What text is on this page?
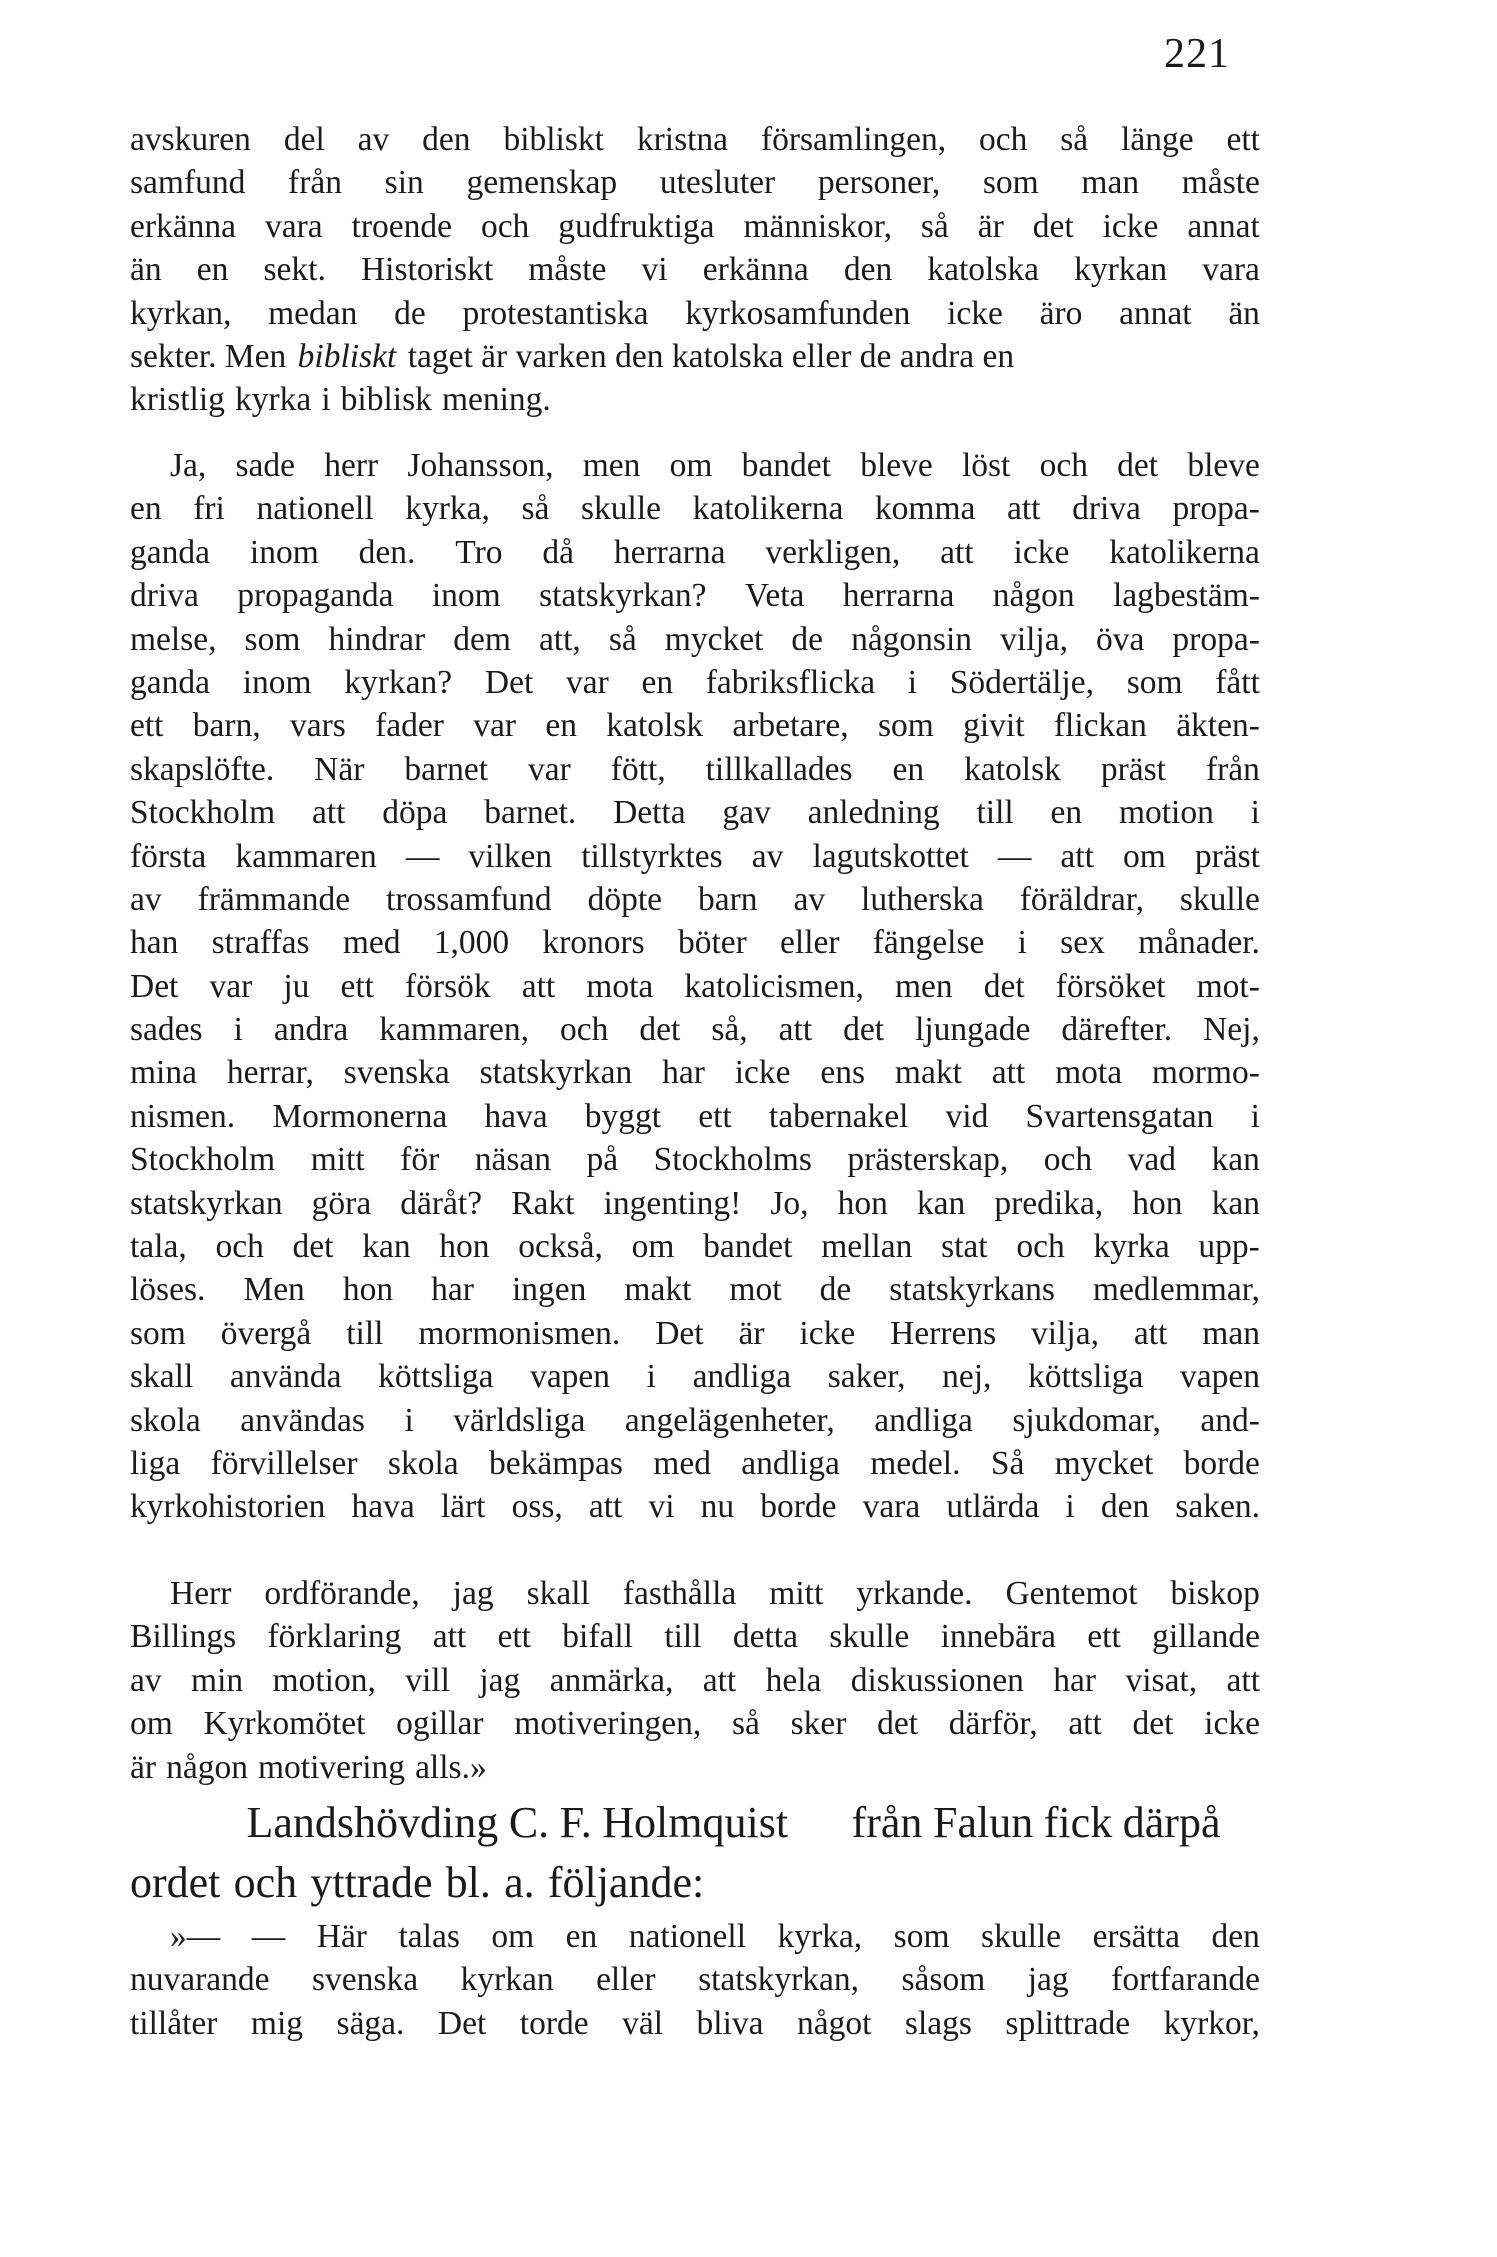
221
avskuren del av den bibliskt kristna församlingen, och så länge ett
samfund från sin gemenskap utesluter personer, som man måste
erkänna vara troende och gudfruktiga människor, så är det icke annat
än en sekt. Historiskt måste vi erkänna den katolska kyrkan vara
kyrkan, medan de protestantiska kyrkosamfunden icke äro annat än
sekter. Men bibliskt taget är varken den katolska eller de andra en
kristlig kyrka i biblisk mening.
Ja, sade herr Johansson, men om bandet bleve löst och det bleve
en fri nationell kyrka, så skulle katolikerna komma att driva propa-
ganda inom den. Tro då herrarna verkligen, att icke katolikerna
driva propaganda inom statskyrkan? Veta herrarna någon lagbestäm-
melse, som hindrar dem att, så mycket de någonsin vilja, öva propa-
ganda inom kyrkan? Det var en fabriksflicka i Södertälje, som fått
ett barn, vars fader var en katolsk arbetare, som givit flickan äkten-
skapslöfte. När barnet var fött, tillkallades en katolsk präst från
Stockholm att döpa barnet. Detta gav anledning till en motion i
första kammaren — vilken tillstyrktes av lagutskottet — att om präst
av främmande trossamfund döpte barn av lutherska föräldrar, skulle
han straffas med 1,000 kronors böter eller fängelse i sex månader.
Det var ju ett försök att mota katolicismen, men det försöket mot-
sades i andra kammaren, och det så, att det ljungade därefter. Nej,
mina herrar, svenska statskyrkan har icke ens makt att mota mormo-
nismen. Mormonerna hava byggt ett tabernakel vid Svartensgatan i
Stockholm mitt för näsan på Stockholms prästerskap, och vad kan
statskyrkan göra däråt? Rakt ingenting! Jo, hon kan predika, hon kan
tala, och det kan hon också, om bandet mellan stat och kyrka upp-
löses. Men hon har ingen makt mot de statskyrkans medlemmar,
som övergå till mormonismen. Det är icke Herrens vilja, att man
skall använda köttsliga vapen i andliga saker, nej, köttsliga vapen
skola användas i världsliga angelägenheter, andliga sjukdomar, and-
liga förvillelser skola bekämpas med andliga medel. Så mycket borde
kyrkohistorien hava lärt oss, att vi nu borde vara utlärda i den saken.
Herr ordförande, jag skall fasthålla mitt yrkande. Gentemot biskop
Billings förklaring att ett bifall till detta skulle innebära ett gillande
av min motion, vill jag anmärka, att hela diskussionen har visat, att
om Kyrkomötet ogillar motiveringen, så sker det därför, att det icke
är någon motivering alls.»
Landshövding C. F. Holmquist från Falun fick därpå
ordet och yttrade bl. a. följande:
»— — Här talas om en nationell kyrka, som skulle ersätta den
nuvarande svenska kyrkan eller statskyrkan, såsom jag fortfarande
tillåter mig säga. Det torde väl bliva något slags splittrade kyrkor,
